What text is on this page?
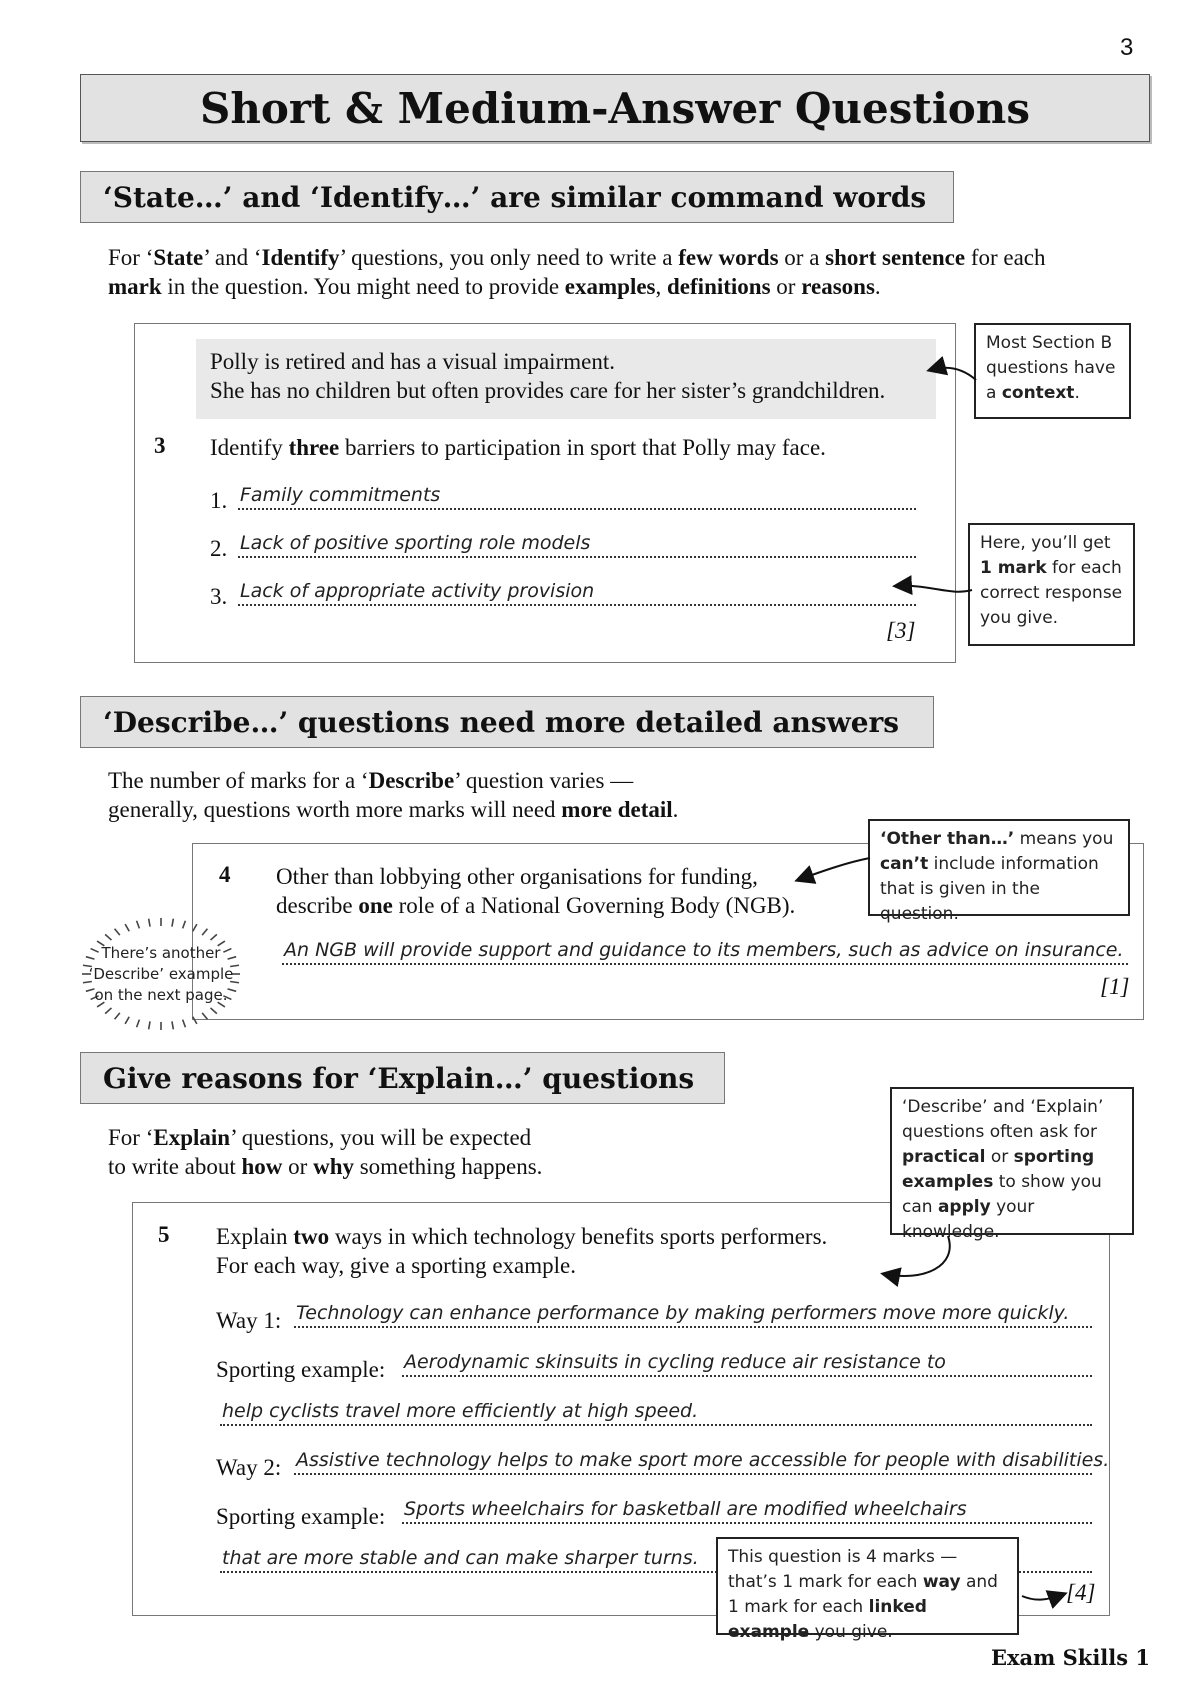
3
Short & Medium-Answer Questions
‘State…’ and ‘Identify…’ are similar command words
For ‘State’ and ‘Identify’ questions, you only need to write a few words or a short sentence for each mark in the question. You might need to provide examples, definitions or reasons.
Polly is retired and has a visual impairment.
She has no children but often provides care for her sister’s grandchildren.
3 Identify three barriers to participation in sport that Polly may face.
1. Family commitments
2. Lack of positive sporting role models
3. Lack of appropriate activity provision
[3]
Most Section B questions have a context.
Here, you’ll get 1 mark for each correct response you give.
‘Describe…’ questions need more detailed answers
The number of marks for a ‘Describe’ question varies —
generally, questions worth more marks will need more detail.
4 Other than lobbying other organisations for funding,
describe one role of a National Governing Body (NGB).
An NGB will provide support and guidance to its members, such as advice on insurance.
[1]
‘Other than…’ means you can’t include information that is given in the question.
There’s another
‘Describe’ example
on the next page.
Give reasons for ‘Explain…’ questions
For ‘Explain’ questions, you will be expected
to write about how or why something happens.
5 Explain two ways in which technology benefits sports performers.
For each way, give a sporting example.
Way 1: Technology can enhance performance by making performers move more quickly.
Sporting example: Aerodynamic skinsuits in cycling reduce air resistance to
help cyclists travel more efficiently at high speed.
Way 2: Assistive technology helps to make sport more accessible for people with disabilities.
Sporting example: Sports wheelchairs for basketball are modified wheelchairs
that are more stable and can make sharper turns.
[4]
‘Describe’ and ‘Explain’ questions often ask for practical or sporting examples to show you can apply your knowledge.
This question is 4 marks — that’s 1 mark for each way and 1 mark for each linked example you give.
Exam Skills 1
